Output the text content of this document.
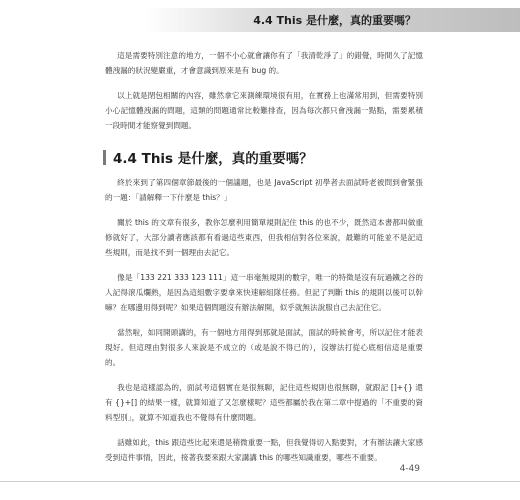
4.4 This 是什麼，真的重要嗎？

這是需要特別注意的地方，一個不小心就會讓你有了「我清乾淨了」的錯覺，時間久了記憶體洩漏的狀況變嚴重，才會意識到原來是有 bug 的。

以上就是閉包相關的內容，雖然拿它來測練環境很有用，在實務上也滿常用到，但需要特別小心記憶體洩漏的問題，這類的問題通常比較難排查，因為每次都只會洩漏一點點，需要累積一段時間才能察覺到問題。

4.4 This 是什麼，真的重要嗎？

終於來到了第四個章節最後的一個議題，也是 JavaScript 初學者去面試時老被問到會緊張的一題：「請解釋一下什麼是 this？」

關於 this 的文章有很多，教你怎麼利用簡單規則記住 this 的也不少，既然這本書都叫做重修就好了，大部分讀者應該都有看過這些東西，但我相信對各位來說，最難的可能並不是記這些規則，而是找不到一個理由去記它。

像是「133 221 333 123 111」這一串毫無規則的數字，唯一的特徵是沒有玩過鐵之谷的人記得滾瓜爛熟，是因為這組數字要拿來快速解組隊任務。但記了判斷 this 的規則以後可以幹嘛？在哪邊用得到呢？如果這個問題沒有辦法解開，似乎就無法說服自己去記住它。

當然啦，如同開頭講的，有一個地方用得到那就是面試，面試的時候會考，所以記住才能表現好。但這理由對很多人來說是不成立的（或是說不得已的），沒辦法打從心底相信這是重要的。

我也是這樣認為的，面試考這個實在是很無聊，記住這些規則也很無聊，就跟記 []+{} 還有 {}+[] 的結果一樣，就算知道了又怎麼樣呢？這些都屬於我在第二章中提過的「不重要的資料型別」，就算不知道我也不覺得有什麼問題。

話雖如此，this 跟這些比起來還是稍微重要一點，但我覺得切入點要對，才有辦法讓大家感受到這件事情，因此，接著我要來跟大家講講 this 的哪些知識重要，哪些不重要。

4-49
